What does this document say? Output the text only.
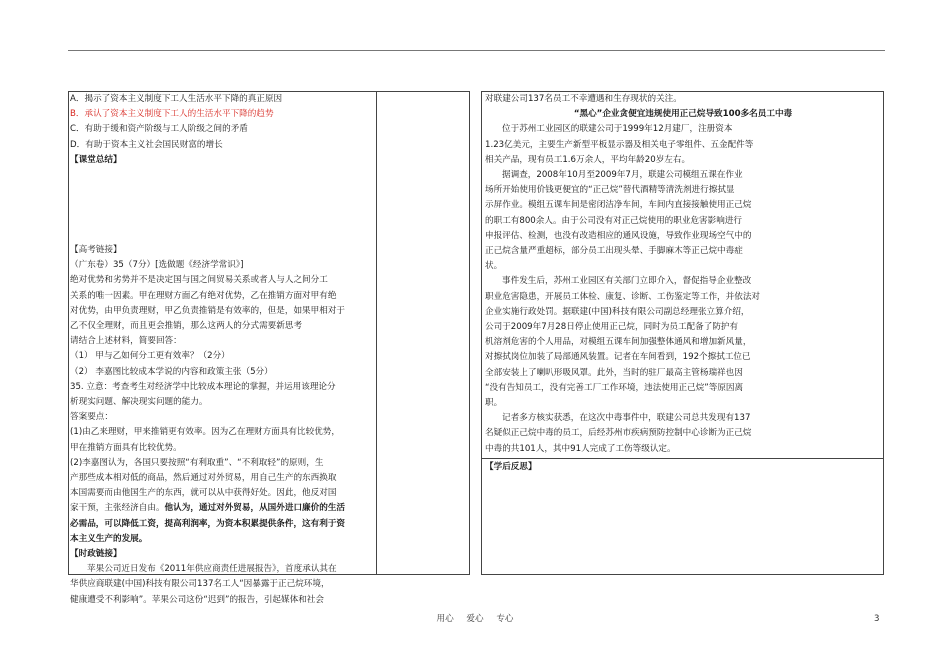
A．揭示了资本主义制度下工人生活水平下降的真正原因

B．承认了资本主义制度下工人的生活水平下降的趋势

C．有助于缓和资产阶级与工人阶级之间的矛盾

D．有助于资本主义社会国民财富的增长

【课堂总结】

【高考链接】

（广东卷）35（7分）[选做题《经济学常识》]

绝对优势和劣势并不是决定国与国之间贸易关系或者人与人之间分工

关系的唯一因素。甲在理财方面乙有绝对优势，乙在推销方面对甲有绝

对优势，由甲负责理财，甲乙负责推销是有效率的，但是，如果甲相对于

乙不仅全理财，而且更会推销，那么这两人的分式需要新思考

请结合上述材料，简要回答：

（1） 甲与乙如何分工更有效率？（2分）

（2） 李嘉图比较成本学说的内容和政策主张（5分）

35. 立意：考查考生对经济学中比较成本理论的掌握，并运用该理论分

析现实问题、解决现实问题的能力。

答案要点：

(1)由乙来理财，甲来推销更有效率。因为乙在理财方面具有比较优势，

甲在推销方面具有比较优势。

(2)李嘉图认为，各国只要按照“有利取重”、“不利取轻”的原则，生

产那些成本相对低的商品，然后通过对外贸易，用自己生产的东西换取

本国需要而由他国生产的东西，就可以从中获得好处。因此，他反对国

家干预，主张经济自由。他认为，通过对外贸易，从国外进口廉价的生活

必需品，可以降低工资，提高利润率，为资本积累提供条件，这有利于资

本主义生产的发展。

【时政链接】

苹果公司近日发布《2011年供应商责任进展报告》，首度承认其在

华供应商联建(中国)科技有限公司137名工人“因暴露于正己烷环境，

健康遭受不利影响”。苹果公司这份“迟到”的报告，引起媒体和社会

对联建公司137名员工不幸遭遇和生存现状的关注。

“黑心”企业贪便宜违规使用正己烷导致100多名员工中毒

位于苏州工业园区的联建公司于1999年12月建厂，注册资本

1.23亿美元，主要生产新型平板显示器及相关电子零组件、五金配件等

相关产品，现有员工1.6万余人，平均年龄20岁左右。

据调查，2008年10月至2009年7月，联建公司模组五课在作业

场所开始使用价钱更便宜的“正己烷”替代酒精等清洗剂进行擦拭显

示屏作业。模组五课车间是密闭洁净车间，车间内直接接触使用正己烷

的职工有800余人。由于公司没有对正己烷使用的职业危害影响进行

申报评估、检测，也没有改造相应的通风设施，导致作业现场空气中的

正己烷含量严重超标，部分员工出现头晕、手脚麻木等正己烷中毒症

状。

事件发生后，苏州工业园区有关部门立即介入，督促指导企业整改

职业危害隐患，开展员工体检、康复、诊断、工伤鉴定等工作，并依法对

企业实施行政处罚。据联建(中国)科技有限公司副总经理张立算介绍，

公司于2009年7月28日停止使用正己烷，同时为员工配备了防护有

机溶剂危害的个人用品，对模组五课车间加强整体通风和增加新风量，

对擦拭岗位加装了局部通风装置。记者在车间看到，192个擦拭工位已

全部安装上了喇叭形吸风罩。此外，当时的驻厂最高主管杨瑞祥也因

“没有告知员工，没有完善工厂工作环境，违法使用正己烷”等原因离

职。

记者多方核实获悉，在这次中毒事件中，联建公司总共发现有137

名疑似正己烷中毒的员工，后经苏州市疾病预防控制中心诊断为正己烷

中毒的共101人，其中91人完成了工伤等级认定。

【学后反思】

用心 爱心 专心	3
